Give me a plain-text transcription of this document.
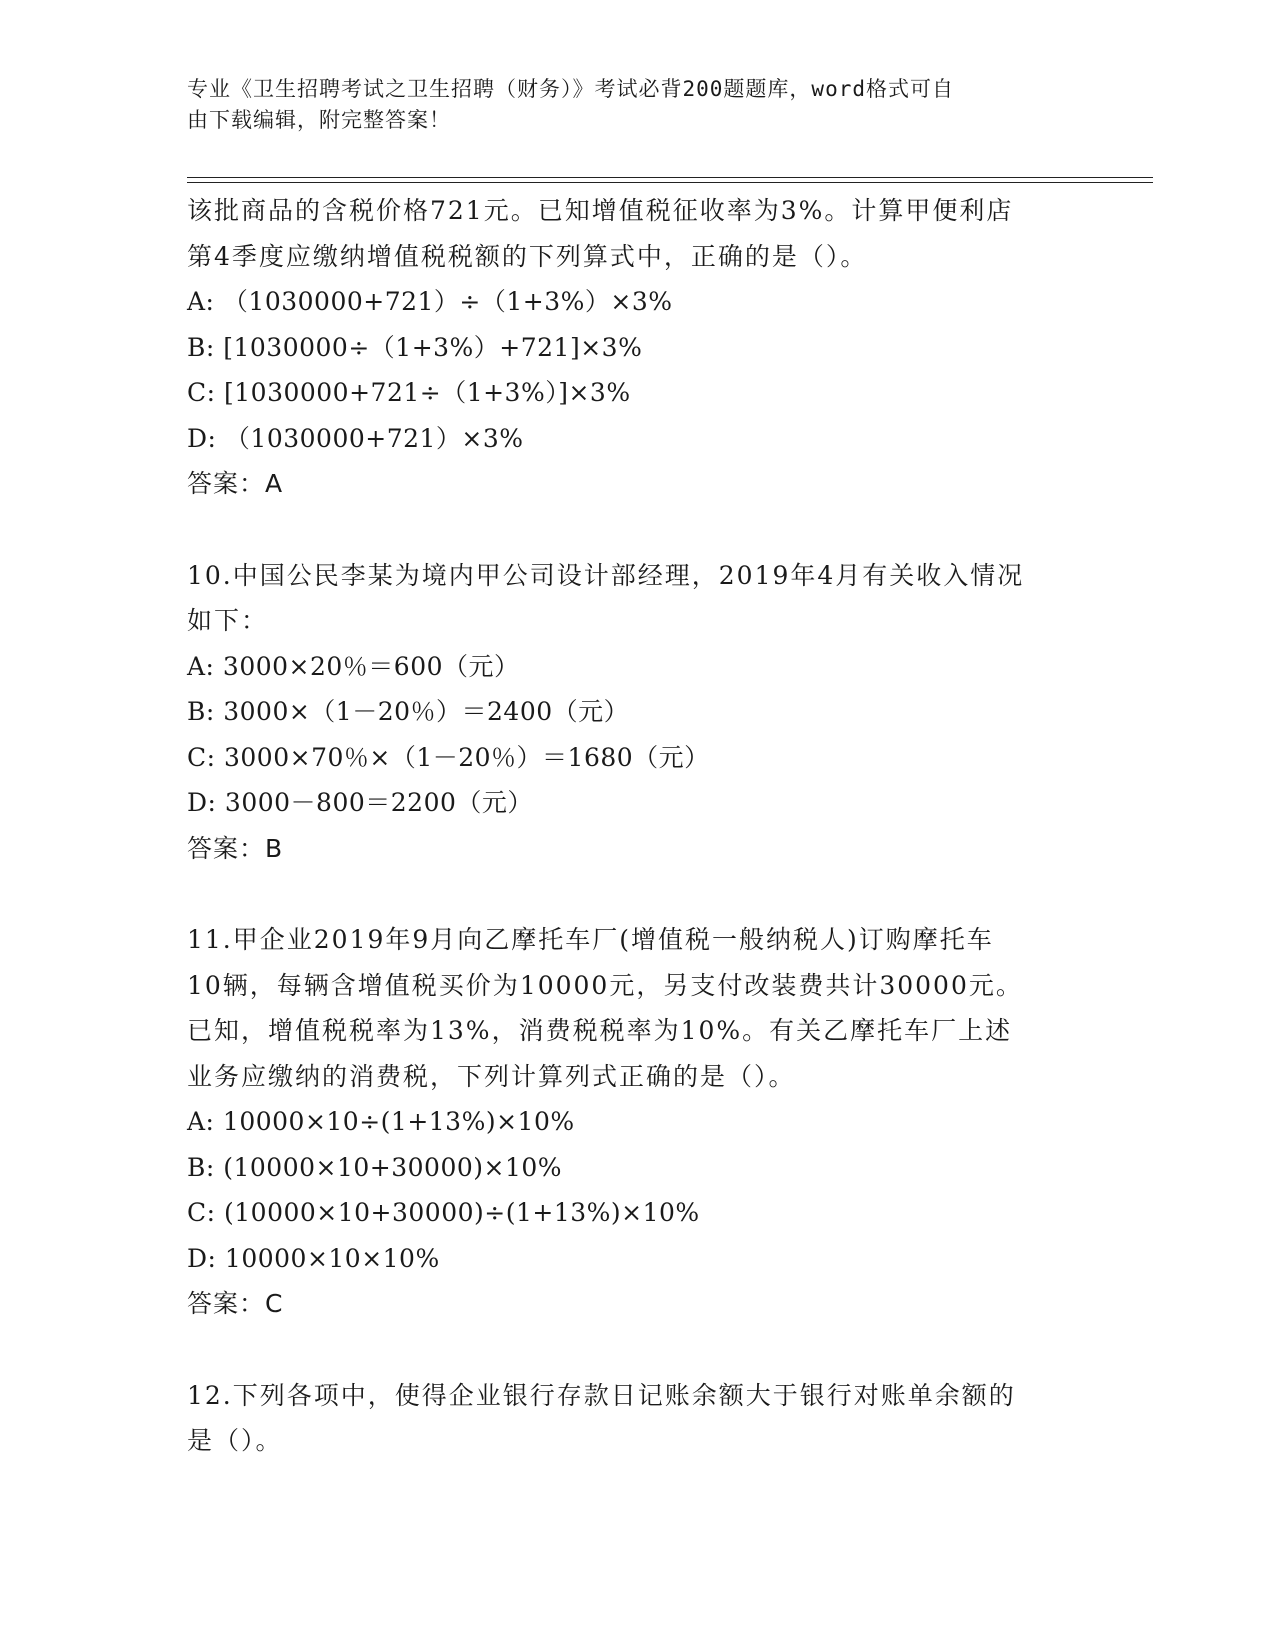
专业《卫生招聘考试之卫生招聘（财务）》考试必背200题题库，word格式可自
由下载编辑，附完整答案！
该批商品的含税价格721元。已知增值税征收率为3%。计算甲便利店
第4季度应缴纳增值税税额的下列算式中，正确的是（）。
A: （1030000+721）÷（1+3%）×3%
B: [1030000÷（1+3%）+721]×3%
C: [1030000+721÷（1+3%）]×3%
D: （1030000+721）×3%
答案：A
10.中国公民李某为境内甲公司设计部经理，2019年4月有关收入情况
如下：
A: 3000×20％＝600（元）
B: 3000×（1－20％）＝2400（元）
C: 3000×70％×（1－20％）＝1680（元）
D: 3000－800＝2200（元）
答案：B
11.甲企业2019年9月向乙摩托车厂(增值税一般纳税人)订购摩托车
10辆，每辆含增值税买价为10000元，另支付改装费共计30000元。
已知，增值税税率为13%，消费税税率为10%。有关乙摩托车厂上述
业务应缴纳的消费税，下列计算列式正确的是（）。
A: 10000×10÷(1+13%)×10%
B: (10000×10+30000)×10%
C: (10000×10+30000)÷(1+13%)×10%
D: 10000×10×10%
答案：C
12.下列各项中，使得企业银行存款日记账余额大于银行对账单余额的
是（）。
